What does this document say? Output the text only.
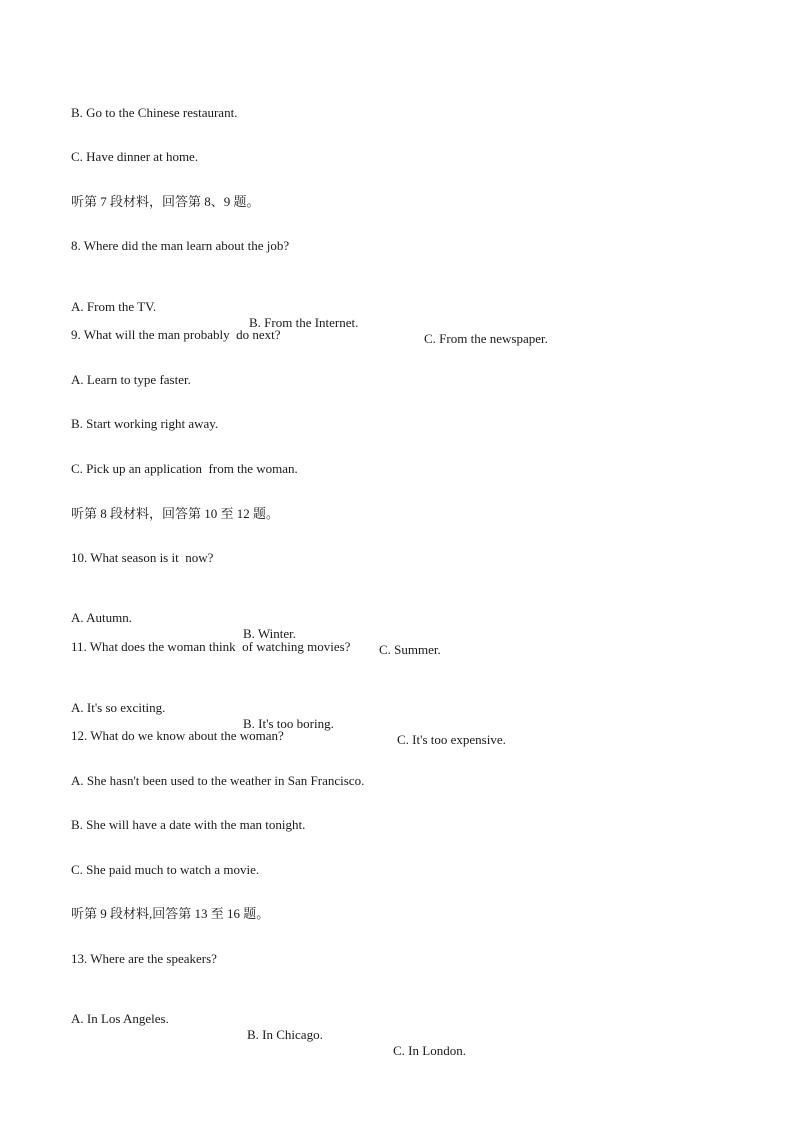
B. Go to the Chinese restaurant.
C. Have dinner at home.
听第 7 段材料，回答第 8、9 题。
8. Where did the man learn about the job?

A. From the TV.

B. From the Internet.

C. From the newspaper.

9. What will the man probably  do next?
A. Learn to type faster.
B. Start working right away.
C. Pick up an application  from the woman.
听第 8 段材料，回答第 10 至 12 题。
10. What season is it  now?

A. Autumn.

B. Winter.

C. Summer.

11. What does the woman think  of watching movies?

A. It's so exciting.

B. It's too boring.

C. It's too expensive.

12. What do we know about the woman?
A. She hasn't been used to the weather in San Francisco.
B. She will have a date with the man tonight.
C. She paid much to watch a movie.
听第 9 段材料,回答第 13 至 16 题。
13. Where are the speakers?

A. In Los Angeles.

B. In Chicago.

C. In London.
